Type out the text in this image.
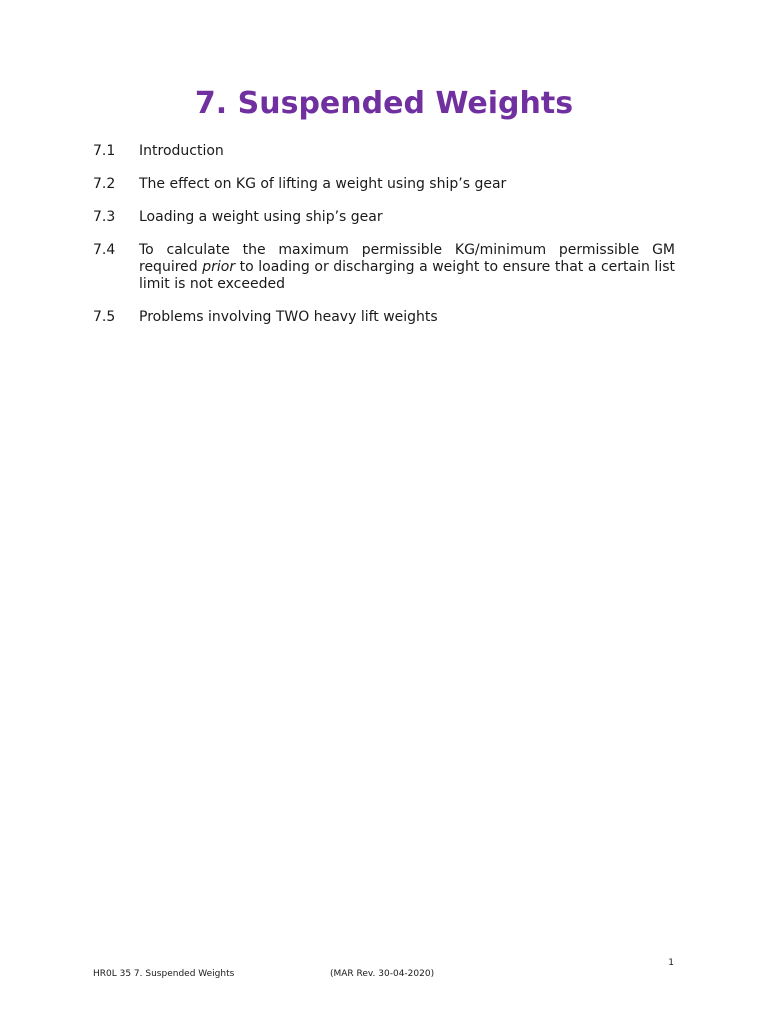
7. Suspended Weights
7.1	Introduction
7.2	The effect on KG of lifting a weight using ship’s gear
7.3	Loading a weight using ship’s gear
7.4	To calculate the maximum permissible KG/minimum permissible GM required prior to loading or discharging a weight to ensure that a certain list limit is not exceeded
7.5	Problems involving TWO heavy lift weights
1
HR0L 35 7. Suspended Weights	(MAR Rev. 30-04-2020)
